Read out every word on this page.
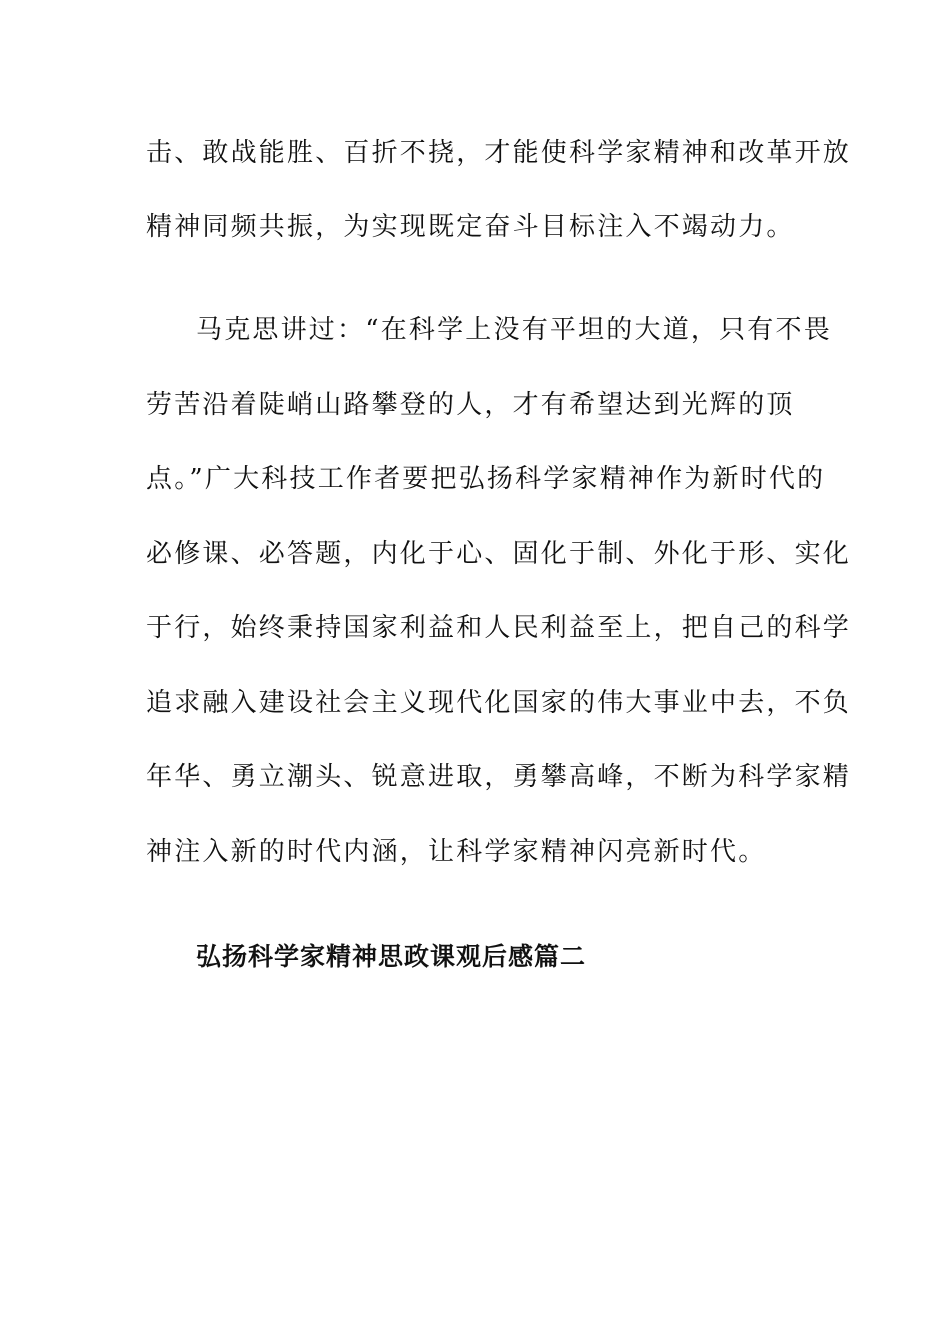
击、敢战能胜、百折不挠，才能使科学家精神和改革开放
精神同频共振，为实现既定奋斗目标注入不竭动力。
马克思讲过：“在科学上没有平坦的大道，只有不畏
劳苦沿着陡峭山路攀登的人，才有希望达到光辉的顶
点。”广大科技工作者要把弘扬科学家精神作为新时代的
必修课、必答题，内化于心、固化于制、外化于形、实化
于行，始终秉持国家利益和人民利益至上，把自己的科学
追求融入建设社会主义现代化国家的伟大事业中去，不负
年华、勇立潮头、锐意进取，勇攀高峰，不断为科学家精
神注入新的时代内涵，让科学家精神闪亮新时代。
弘扬科学家精神思政课观后感篇二
